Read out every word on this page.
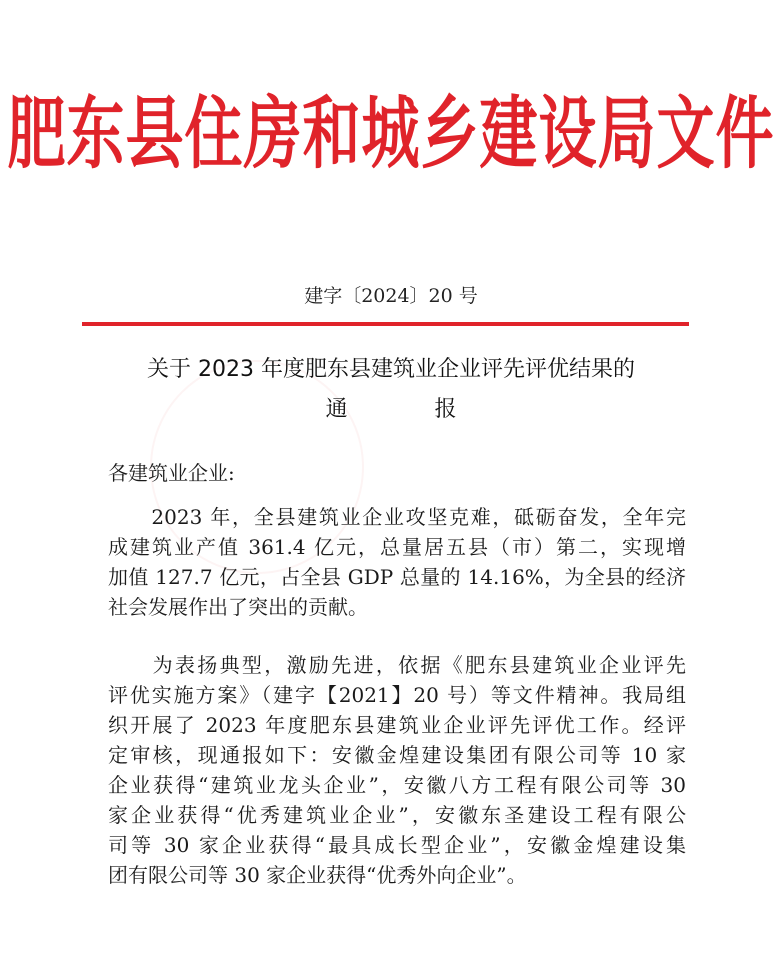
肥东县住房和城乡建设局文件
建字〔2024〕20 号
关于 2023 年度肥东县建筑业企业评先评优结果的
通 报
各建筑业企业:
　　2023 年，全县建筑业企业攻坚克难，砥砺奋发，全年完
成建筑业产值 361.4 亿元，总量居五县（市）第二，实现增
加值 127.7 亿元，占全县 GDP 总量的 14.16%，为全县的经济
社会发展作出了突出的贡献。
　　为表扬典型，激励先进，依据《肥东县建筑业企业评先
评优实施方案》（建字【2021】20 号）等文件精神。我局组
织开展了 2023 年度肥东县建筑业企业评先评优工作。经评
定审核，现通报如下：安徽金煌建设集团有限公司等 10 家
企业获得“建筑业龙头企业”，安徽八方工程有限公司等 30
家企业获得“优秀建筑业企业”，安徽东圣建设工程有限公
司等 30 家企业获得“最具成长型企业”，安徽金煌建设集
团有限公司等 30 家企业获得“优秀外向企业”。
